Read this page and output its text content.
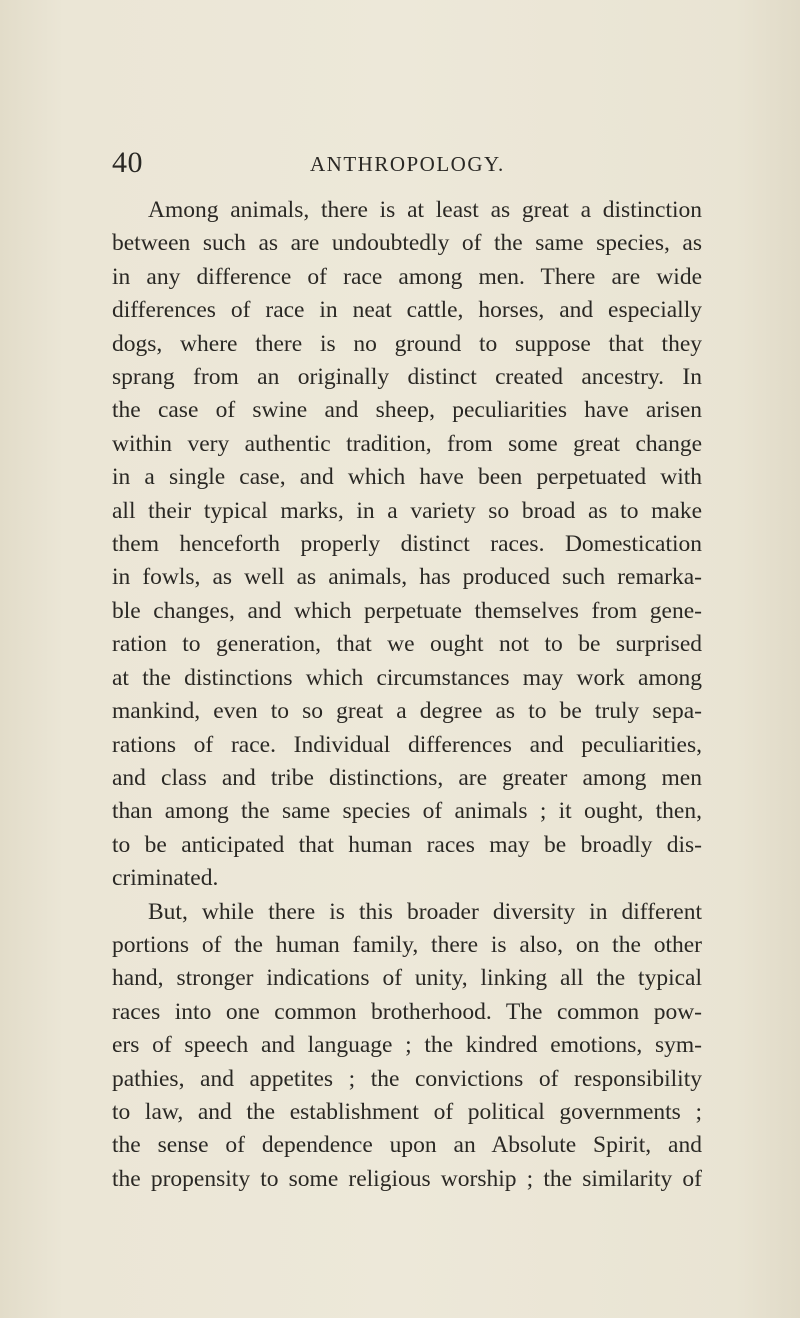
40	ANTHROPOLOGY.
Among animals, there is at least as great a distinction
between such as are undoubtedly of the same species, as
in any difference of race among men. There are wide
differences of race in neat cattle, horses, and especially
dogs, where there is no ground to suppose that they
sprang from an originally distinct created ancestry. In
the case of swine and sheep, peculiarities have arisen
within very authentic tradition, from some great change
in a single case, and which have been perpetuated with
all their typical marks, in a variety so broad as to make
them henceforth properly distinct races. Domestication
in fowls, as well as animals, has produced such remarka-
ble changes, and which perpetuate themselves from gene-
ration to generation, that we ought not to be surprised
at the distinctions which circumstances may work among
mankind, even to so great a degree as to be truly sepa-
rations of race. Individual differences and peculiarities,
and class and tribe distinctions, are greater among men
than among the same species of animals ; it ought, then,
to be anticipated that human races may be broadly dis-
criminated.
But, while there is this broader diversity in different
portions of the human family, there is also, on the other
hand, stronger indications of unity, linking all the typical
races into one common brotherhood. The common pow-
ers of speech and language ; the kindred emotions, sym-
pathies, and appetites ; the convictions of responsibility
to law, and the establishment of political governments ;
the sense of dependence upon an Absolute Spirit, and
the propensity to some religious worship ; the similarity of
